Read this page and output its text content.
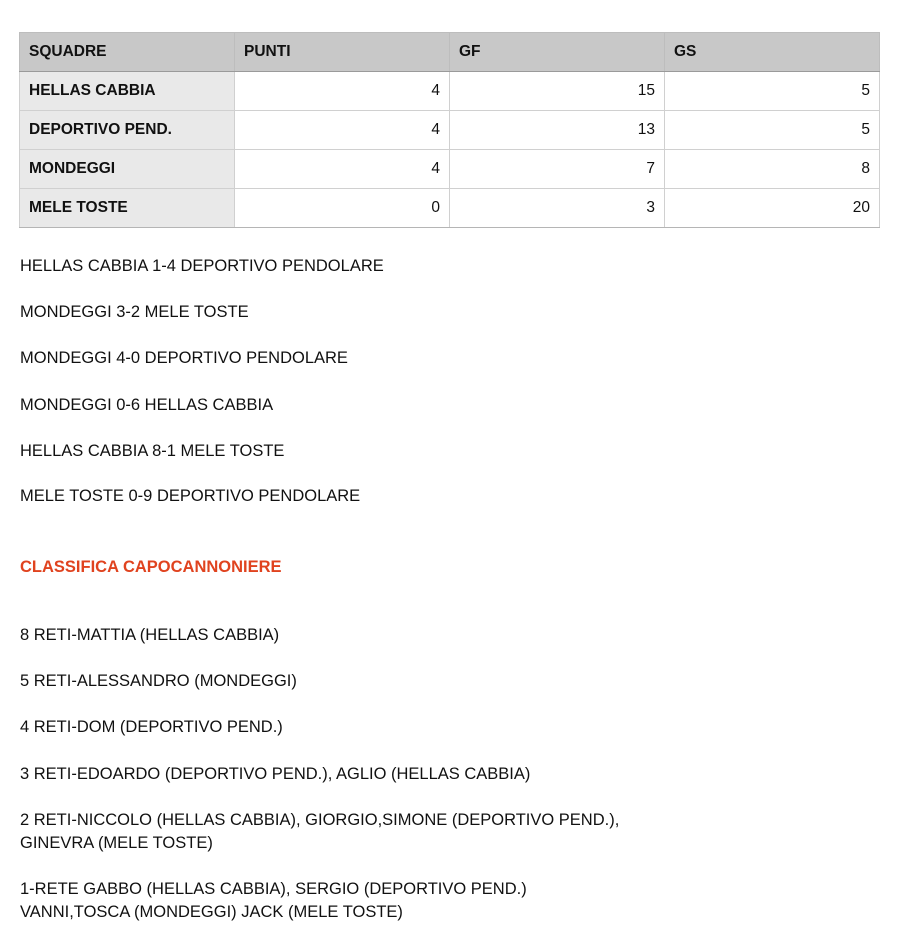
SQUADRE	PUNTI	GF	GS
HELLAS CABBIA	4	15	5
DEPORTIVO PEND.	4	13	5
MONDEGGI	4	7	8
MELE TOSTE	0	3	20
HELLAS CABBIA 1-4 DEPORTIVO PENDOLARE
MONDEGGI 3-2 MELE TOSTE
MONDEGGI 4-0 DEPORTIVO PENDOLARE
MONDEGGI 0-6 HELLAS CABBIA
HELLAS CABBIA 8-1 MELE TOSTE
MELE TOSTE 0-9 DEPORTIVO PENDOLARE
CLASSIFICA CAPOCANNONIERE
8 RETI-MATTIA (HELLAS CABBIA)
5 RETI-ALESSANDRO (MONDEGGI)
4 RETI-DOM (DEPORTIVO PEND.)
3 RETI-EDOARDO (DEPORTIVO PEND.), AGLIO (HELLAS CABBIA)
2 RETI-NICCOLO (HELLAS CABBIA), GIORGIO,SIMONE (DEPORTIVO PEND.),
GINEVRA (MELE TOSTE)
1-RETE GABBO (HELLAS CABBIA), SERGIO (DEPORTIVO PEND.)
VANNI,TOSCA (MONDEGGI) JACK (MELE TOSTE)
